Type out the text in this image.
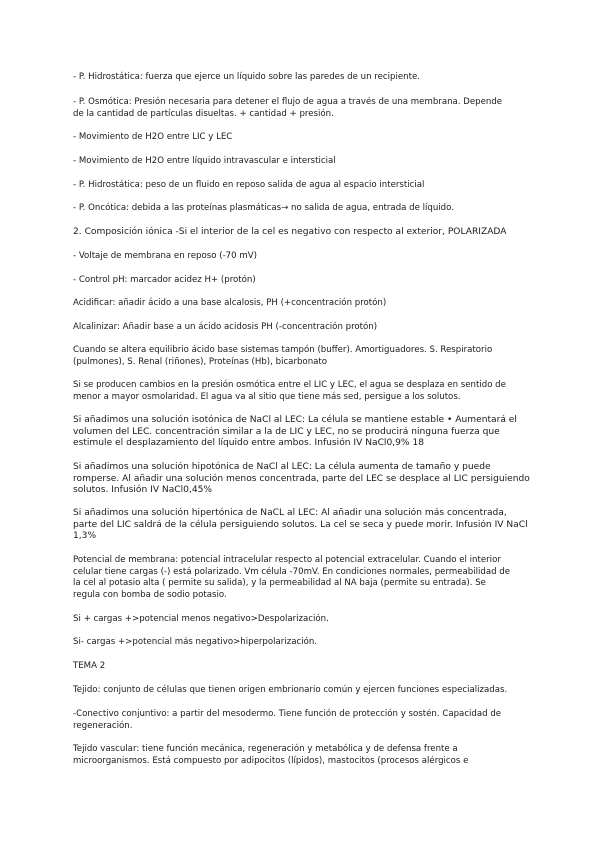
- P. Hidrostática: fuerza que ejerce un líquido sobre las paredes de un recipiente.

- P. Osmótica: Presión necesaria para detener el flujo de agua a través de una membrana. Depende
de la cantidad de partículas disueltas. + cantidad + presión.

- Movimiento de H2O entre LIC y LEC

- Movimiento de H2O entre líquido intravascular e intersticial

- P. Hidrostática: peso de un fluido en reposo salida de agua al espacio intersticial

- P. Oncótica: debida a las proteínas plasmáticas→ no salida de agua, entrada de líquido.

2. Composición iónica -Si el interior de la cel es negativo con respecto al exterior, POLARIZADA

- Voltaje de membrana en reposo (-70 mV)

- Control pH: marcador acidez H+ (protón)

Acidificar: añadir ácido a una base alcalosis, PH (+concentración protón)

Alcalinizar: Añadir base a un ácido acidosis PH (-concentración protón)

Cuando se altera equilibrio ácido base sistemas tampón (buffer). Amortiguadores. S. Respiratorio
(pulmones), S. Renal (riñones), Proteínas (Hb), bicarbonato

Si se producen cambios en la presión osmótica entre el LIC y LEC, el agua se desplaza en sentido de
menor a mayor osmolaridad. El agua va al sitio que tiene más sed, persigue a los solutos.

Si añadimos una solución isotónica de NaCl al LEC: La célula se mantiene estable • Aumentará el
volumen del LEC. concentración similar a la de LIC y LEC, no se producirá ninguna fuerza que
estimule el desplazamiento del líquido entre ambos. Infusión IV NaCl0,9% 18

Si añadimos una solución hipotónica de NaCl al LEC: La célula aumenta de tamaño y puede
romperse. Al añadir una solución menos concentrada, parte del LEC se desplace al LIC persiguiendo
solutos. Infusión IV NaCl0,45%

Si añadimos una solución hipertónica de NaCL al LEC: Al añadir una solución más concentrada,
parte del LIC saldrá de la célula persiguiendo solutos. La cel se seca y puede morir. Infusión IV NaCl
1,3%

Potencial de membrana: potencial intracelular respecto al potencial extracelular. Cuando el interior
celular tiene cargas (-) está polarizado. Vm célula -70mV. En condiciones normales, permeabilidad de
la cel al potasio alta ( permite su salida), y la permeabilidad al NA baja (permite su entrada). Se
regula con bomba de sodio potasio.

Si + cargas +>potencial menos negativo>Despolarización.

Si- cargas +>potencial más negativo>hiperpolarización.

TEMA 2

Tejido: conjunto de células que tienen origen embrionario común y ejercen funciones especializadas.

-Conectivo conjuntivo: a partir del mesodermo. Tiene función de protección y sostén. Capacidad de
regeneración.

Tejido vascular: tiene función mecánica, regeneración y metabólica y de defensa frente a
microorganismos. Está compuesto por adipocitos (lípidos), mastocitos (procesos alérgicos e
